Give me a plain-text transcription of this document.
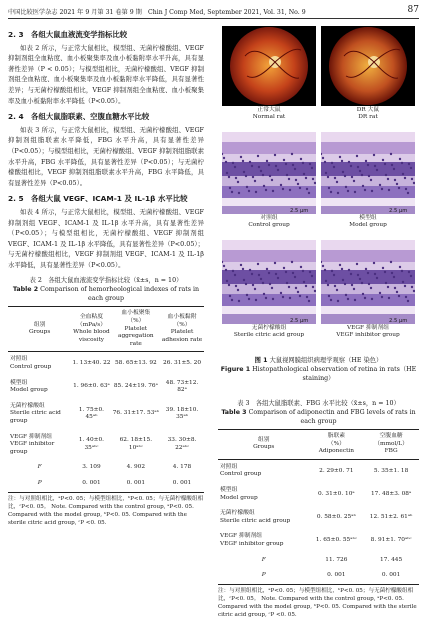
中国比较医学杂志 2021 年 9 月第 31 卷第 9 期　Chin J Comp Med, September 2021, Vol. 31, No. 9	87
2. 3　各组大鼠血液流变学指标比较

如表 2 所示，与正常大鼠相比，模型组、无菌柠檬酸组、VEGF 抑制剂组全血粘度、血小板聚集率及血小板黏附率水平升高，具有显著性差异（P < 0.05）；与模型组相比，无菌柠檬酸组、VEGF 抑制剂组全血粘度、血小板聚集率及血小板黏附率水平降低，具有显著性差异；与无菌柠檬酸组相比，VEGF 抑制剂组全血粘度、血小板聚集率及血小板黏附率水平降低（P<0.05）。

2. 4　各组大鼠脂联素、空腹血糖水平比较

如表 3 所示，与正常大鼠相比，模型组、无菌柠檬酸组、VEGF 抑制剂组脂联素水平降低，FBG 水平升高，具有显著性差异（P<0.05）；与模型组相比，无菌柠檬酸组、VEGF 抑制剂组脂联素水平升高，FBG 水平降低，具有显著性差异（P<0.05）；与无菌柠檬酸组相比，VEGF 抑制剂组脂联素水平升高，FBG 水平降低，具有显著性差异（P<0.05）。

2. 5　各组大鼠 VEGF、ICAM-1 及 IL-1β 水平比较

如表 4 所示，与正常大鼠相比，模型组、无菌柠檬酸组、VEGF 抑制剂组 VEGF、ICAM-1 及 IL-1β 水平升高，具有显著性差异（P<0.05）；与模型组相比，无菌柠檬酸组、VEGF 抑制剂组 VEGF、ICAM-1 及 IL-1β 水平降低，具有显著性差异（P<0.05）；与无菌柠檬酸组相比，VEGF 抑制剂组 VEGF、ICAM-1 及 IL-1β 水平降低，具有显著性差异（P<0.05）。

表 2　各组大鼠血液流变学指标比较（x̄±s，n = 10）
Table 2 Comparison of hemorheological indexes of rats in each group
组别
Groups	全血粘度
（mPa/s）
Whole blood
viscosity	血小板聚集
（%）
Platelet
aggregation rate	血小板黏附
（%）
Platelet
adhesion rate
对照组
Control group	1. 13±40. 22	58. 65±13. 92	26. 31±5. 20
模型组
Model group	1. 96±0. 63ᵃ	85. 24±19. 76ᵃ	48. 73±12. 82ᵃ
无菌柠檬酸组
Sterile citric acid group	1. 75±0. 45ᵃᵇ	76. 31±17. 53ᵃᵇ	39. 18±10. 35ᵃᵇ
VEGF 抑制剂组
VEGF inhibitor group	1. 40±0. 35ᵃᵇᶜ	62. 18±15. 10ᵃᵇᶜ	33. 30±8. 22ᵃᵇᶜ
F	3. 109	4. 902	4. 178
P	0. 001	0. 001	0. 001
注：与对照组相比，ᵃP<0. 05；与模型组相比，ᵇP<0. 05；与无菌柠檬酸组相比，ᶜP<0. 05。 Note. Compared with the control group, ᵃP<0. 05. Compared with the model group, ᵇP<0. 05. Compared with the sterile citric acid group, ᶜP <0. 05.
正常大鼠
Normal rat
DR 大鼠
DR rat
对照组
Control group
2.5 μm
模型组
Model group
2.5 μm
无菌柠檬酸组
Sterile citric acid group
2.5 μm
VEGF 抑制剂组
VEGF inhibitor group
2.5 μm
图 1 大鼠视网膜组织病理学观察（HE 染色）
Figure 1 Histopathological observation of retina in rats（HE staining）
表 3　各组大鼠脂联素、FBG 水平比较（x̄±s，n = 10）
Table 3 Comparison of adiponectin and FBG levels of rats in each group
组别
Groups	脂联素
（%）
Adiponectin	空腹血糖
（mmol/L）
FBG
对照组
Control group	2. 29±0. 71	5. 35±1. 18
模型组
Model group	0. 31±0. 10ᵃ	17. 48±3. 08ᵃ
无菌柠檬酸组
Sterile citric acid group	0. 58±0. 25ᵃᵇ	12. 51±2. 61ᵃᵇ
VEGF 抑制剂组
VEGF inhibitor group	1. 65±0. 55ᵃᵇᶜ	8. 91±1. 70ᵃᵇᶜ
F	11. 726	17. 445
P	0. 001	0. 001
注：与对照组相比，ᵃP<0. 05；与模型组相比，ᵇP<0. 05；与无菌柠檬酸组相比，ᶜP<0. 05。 Note. Compared with the control group, ᵃP<0. 05. Compared with the model group, ᵇP<0. 05. Compared with the sterile citric acid group, ᶜP <0. 05.
